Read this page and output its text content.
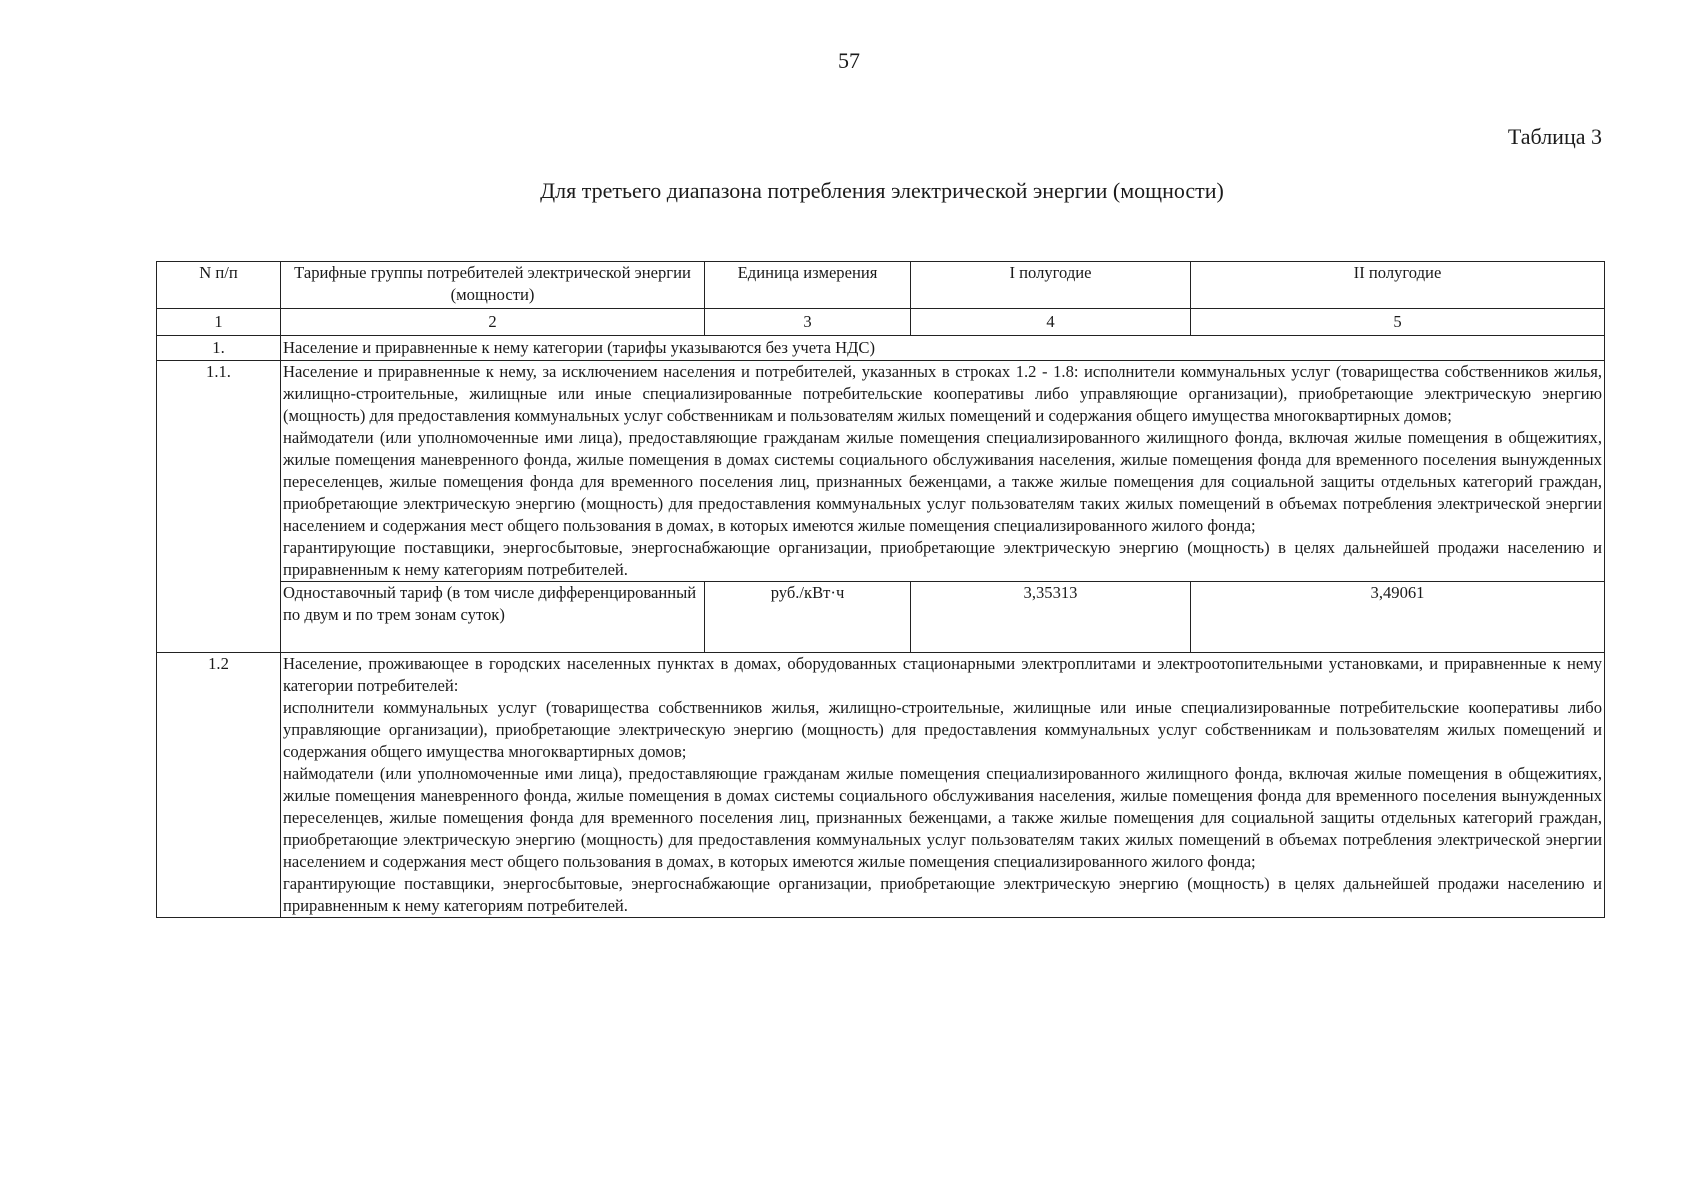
57
Таблица 3
Для третьего диапазона потребления электрической энергии (мощности)
N п/п	Тарифные группы потребителей электрической энергии (мощности)	Единица измерения	I полугодие	II полугодие
1	2	3	4	5
1.	Население и приравненные к нему категории (тарифы указываются без учета НДС)			
1.1.	Население и приравненные к нему, за исключением населения и потребителей, указанных в строках 1.2 - 1.8: исполнители коммунальных услуг (товарищества собственников жилья, жилищно-строительные, жилищные или иные специализированные потребительские кооперативы либо управляющие организации), приобретающие электрическую энергию (мощность) для предоставления коммунальных услуг собственникам и пользователям жилых помещений и содержания общего имущества многоквартирных домов;
наймодатели (или уполномоченные ими лица), предоставляющие гражданам жилые помещения специализированного жилищного фонда, включая жилые помещения в общежитиях, жилые помещения маневренного фонда, жилые помещения в домах системы социального обслуживания населения, жилые помещения фонда для временного поселения вынужденных переселенцев, жилые помещения фонда для временного поселения лиц, признанных беженцами, а также жилые помещения для социальной защиты отдельных категорий граждан, приобретающие электрическую энергию (мощность) для предоставления коммунальных услуг пользователям таких жилых помещений в объемах потребления электрической энергии населением и содержания мест общего пользования в домах, в которых имеются жилые помещения специализированного жилого фонда;
гарантирующие поставщики, энергосбытовые, энергоснабжающие организации, приобретающие электрическую энергию (мощность) в целях дальнейшей продажи населению и приравненным к нему категориям потребителей.			

	Одноставочный тариф (в том числе дифференцированный по двум и по трем зонам суток)	руб./кВт·ч	3,35313	3,49061
1.2	Население, проживающее в городских населенных пунктах в домах, оборудованных стационарными электроплитами и электроотопительными установками, и приравненные к нему категории потребителей:
исполнители коммунальных услуг (товарищества собственников жилья, жилищно-строительные, жилищные или иные специализированные потребительские кооперативы либо управляющие организации), приобретающие электрическую энергию (мощность) для предоставления коммунальных услуг собственникам и пользователям жилых помещений и содержания общего имущества многоквартирных домов;
наймодатели (или уполномоченные ими лица), предоставляющие гражданам жилые помещения специализированного жилищного фонда, включая жилые помещения в общежитиях, жилые помещения маневренного фонда, жилые помещения в домах системы социального обслуживания населения, жилые помещения фонда для временного поселения вынужденных переселенцев, жилые помещения фонда для временного поселения лиц, признанных беженцами, а также жилые помещения для социальной защиты отдельных категорий граждан, приобретающие электрическую энергию (мощность) для предоставления коммунальных услуг пользователям таких жилых помещений в объемах потребления электрической энергии населением и содержания мест общего пользования в домах, в которых имеются жилые помещения специализированного жилого фонда;
гарантирующие поставщики, энергосбытовые, энергоснабжающие организации, приобретающие электрическую энергию (мощность) в целях дальнейшей продажи населению и приравненным к нему категориям потребителей.			
